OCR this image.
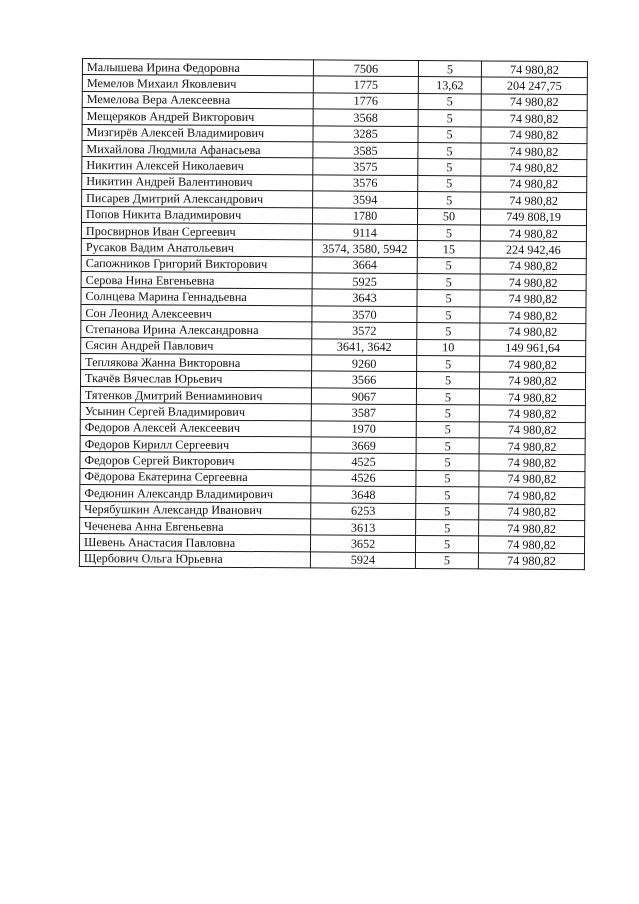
Малышева Ирина Федоровна	7506	5	74 980,82
Мемелов Михаил Яковлевич	1775	13,62	204 247,75
Мемелова Вера Алексеевна	1776	5	74 980,82
Мещеряков Андрей Викторович	3568	5	74 980,82
Мизгирёв Алексей Владимирович	3285	5	74 980,82
Михайлова Людмила Афанасьева	3585	5	74 980,82
Никитин Алексей Николаевич	3575	5	74 980,82
Никитин Андрей Валентинович	3576	5	74 980,82
Писарев Дмитрий Александрович	3594	5	74 980,82
Попов Никита Владимирович	1780	50	749 808,19
Просвирнов Иван Сергеевич	9114	5	74 980,82
Русаков Вадим Анатольевич	3574, 3580, 5942	15	224 942,46
Сапожников Григорий Викторович	3664	5	74 980,82
Серова Нина Евгеньевна	5925	5	74 980,82
Солнцева Марина Геннадьевна	3643	5	74 980,82
Сон Леонид Алексеевич	3570	5	74 980,82
Степанова Ирина Александровна	3572	5	74 980,82
Сясин Андрей Павлович	3641, 3642	10	149 961,64
Теплякова Жанна Викторовна	9260	5	74 980,82
Ткачёв Вячеслав Юрьевич	3566	5	74 980,82
Тятенков Дмитрий Вениаминович	9067	5	74 980,82
Усынин Сергей Владимирович	3587	5	74 980,82
Федоров Алексей Алексеевич	1970	5	74 980,82
Федоров Кирилл Сергеевич	3669	5	74 980,82
Федоров Сергей Викторович	4525	5	74 980,82
Фёдорова Екатерина Сергеевна	4526	5	74 980,82
Федюнин Александр Владимирович	3648	5	74 980,82
Черябушкин Александр Иванович	6253	5	74 980,82
Чеченева Анна Евгеньевна	3613	5	74 980,82
Шевень Анастасия Павловна	3652	5	74 980,82
Щербович Ольга Юрьевна	5924	5	74 980,82
